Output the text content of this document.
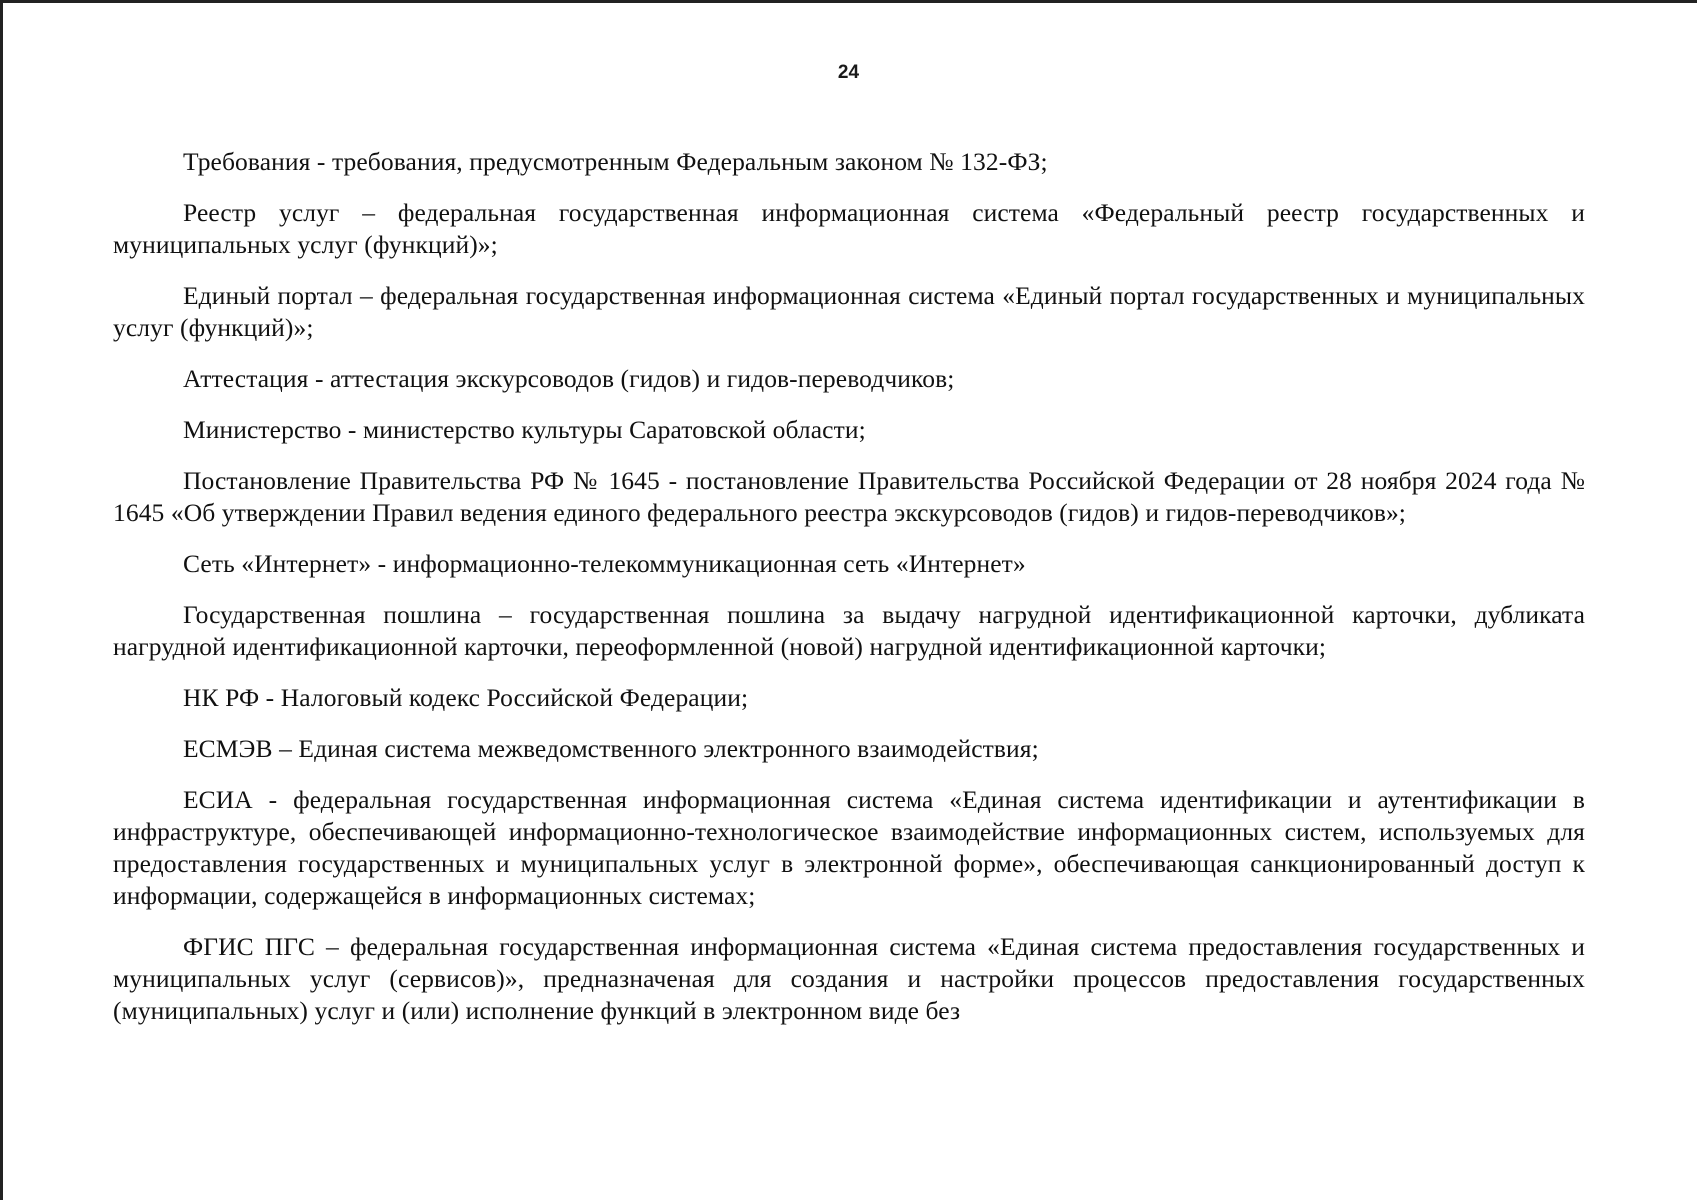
24

Требования - требования, предусмотренным Федеральным законом № 132-ФЗ;

Реестр услуг – федеральная государственная информационная система «Федеральный реестр государственных и муниципальных услуг (функций)»;

Единый портал – федеральная государственная информационная система «Единый портал государственных и муниципальных услуг (функций)»;

Аттестация - аттестация экскурсоводов (гидов) и гидов-переводчиков;

Министерство - министерство культуры Саратовской области;

Постановление Правительства РФ № 1645 - постановление Правительства Российской Федерации от 28 ноября 2024 года № 1645 «Об утверждении Правил ведения единого федерального реестра экскурсоводов (гидов) и гидов-переводчиков»;

Сеть «Интернет» - информационно-телекоммуникационная сеть «Интернет»

Государственная пошлина – государственная пошлина за выдачу нагрудной идентификационной карточки, дубликата нагрудной идентификационной карточки, переоформленной (новой) нагрудной идентификационной карточки;

НК РФ - Налоговый кодекс Российской Федерации;

ЕСМЭВ – Единая система межведомственного электронного взаимодействия;

ЕСИА - федеральная государственная информационная система «Единая система идентификации и аутентификации в инфраструктуре, обеспечивающей информационно-технологическое взаимодействие информационных систем, используемых для предоставления государственных и муниципальных услуг в электронной форме», обеспечивающая санкционированный доступ к информации, содержащейся в информационных системах;

ФГИС ПГС – федеральная государственная информационная система «Единая система предоставления государственных и муниципальных услуг (сервисов)», предназначеная для создания и настройки процессов предоставления государственных (муниципальных) услуг и (или) исполнение функций в электронном виде без
